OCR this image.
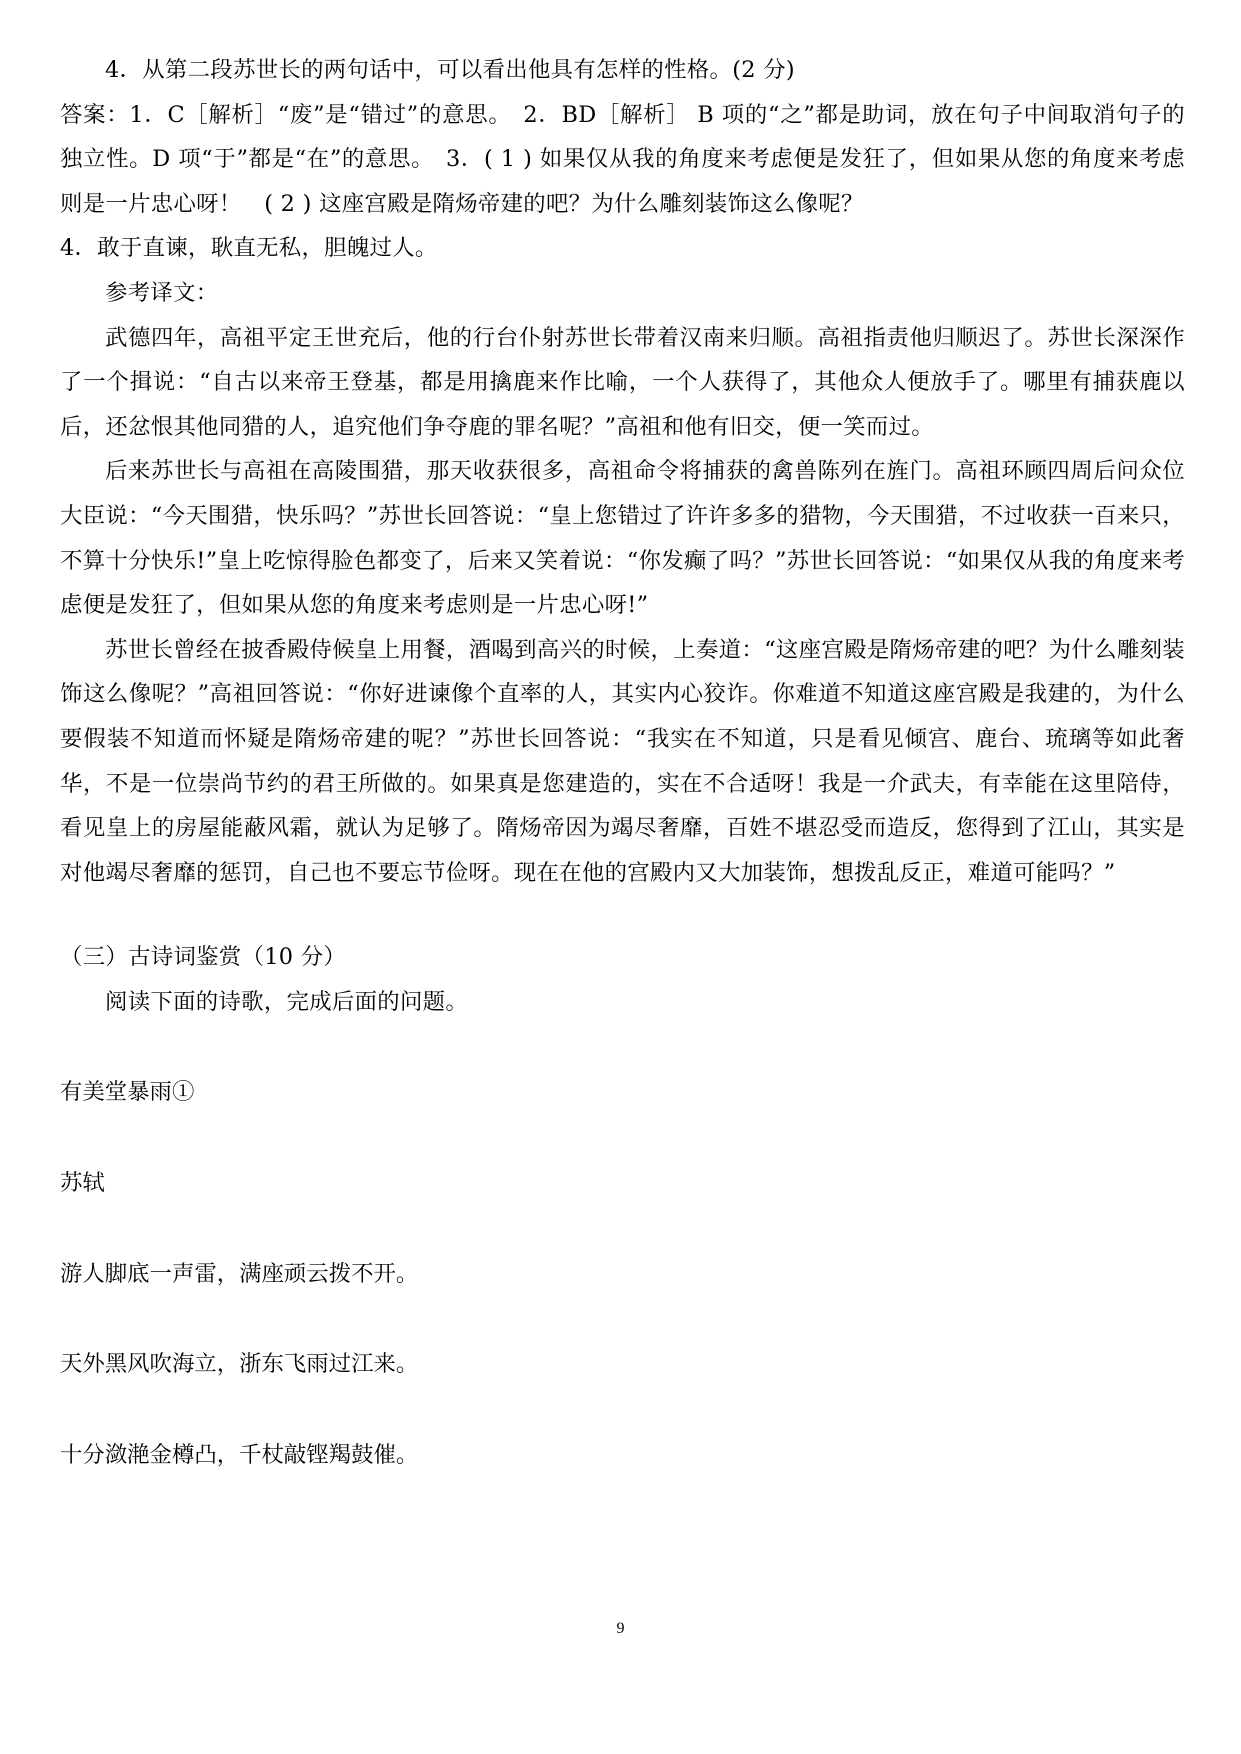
4．从第二段苏世长的两句话中，可以看出他具有怎样的性格。(2 分)

答案：1．C［解析］“废”是“错过”的意思。　2．BD［解析］ B 项的“之”都是助词，放在句子中间取消句子的独立性。D 项“于”都是“在”的意思。　3．( 1 ) 如果仅从我的角度来考虑便是发狂了，但如果从您的角度来考虑则是一片忠心呀！　( 2 ) 这座宫殿是隋炀帝建的吧？为什么雕刻装饰这么像呢？

4．敢于直谏，耿直无私，胆魄过人。

参考译文：

武德四年，高祖平定王世充后，他的行台仆射苏世长带着汉南来归顺。高祖指责他归顺迟了。苏世长深深作了一个揖说：“自古以来帝王登基，都是用擒鹿来作比喻，一个人获得了，其他众人便放手了。哪里有捕获鹿以后，还忿恨其他同猎的人，追究他们争夺鹿的罪名呢？”高祖和他有旧交，便一笑而过。

后来苏世长与高祖在高陵围猎，那天收获很多，高祖命令将捕获的禽兽陈列在旌门。高祖环顾四周后问众位大臣说：“今天围猎，快乐吗？”苏世长回答说：“皇上您错过了许许多多的猎物，今天围猎，不过收获一百来只，不算十分快乐!”皇上吃惊得脸色都变了，后来又笑着说：“你发癫了吗？”苏世长回答说：“如果仅从我的角度来考虑便是发狂了，但如果从您的角度来考虑则是一片忠心呀!”

苏世长曾经在披香殿侍候皇上用餐，酒喝到高兴的时候，上奏道：“这座宫殿是隋炀帝建的吧？为什么雕刻装饰这么像呢？”高祖回答说：“你好进谏像个直率的人，其实内心狡诈。你难道不知道这座宫殿是我建的，为什么要假装不知道而怀疑是隋炀帝建的呢？”苏世长回答说：“我实在不知道，只是看见倾宫、鹿台、琉璃等如此奢华，不是一位崇尚节约的君王所做的。如果真是您建造的，实在不合适呀！我是一介武夫，有幸能在这里陪侍，看见皇上的房屋能蔽风霜，就认为足够了。隋炀帝因为竭尽奢靡，百姓不堪忍受而造反，您得到了江山，其实是对他竭尽奢靡的惩罚，自己也不要忘节俭呀。现在在他的宫殿内又大加装饰，想拨乱反正，难道可能吗？”

（三）古诗词鉴赏（10 分）

阅读下面的诗歌，完成后面的问题。

有美堂暴雨①

苏轼

游人脚底一声雷，满座顽云拨不开。

天外黑风吹海立，浙东飞雨过江来。

十分潋滟金樽凸，千杖敲铿羯鼓催。

9
